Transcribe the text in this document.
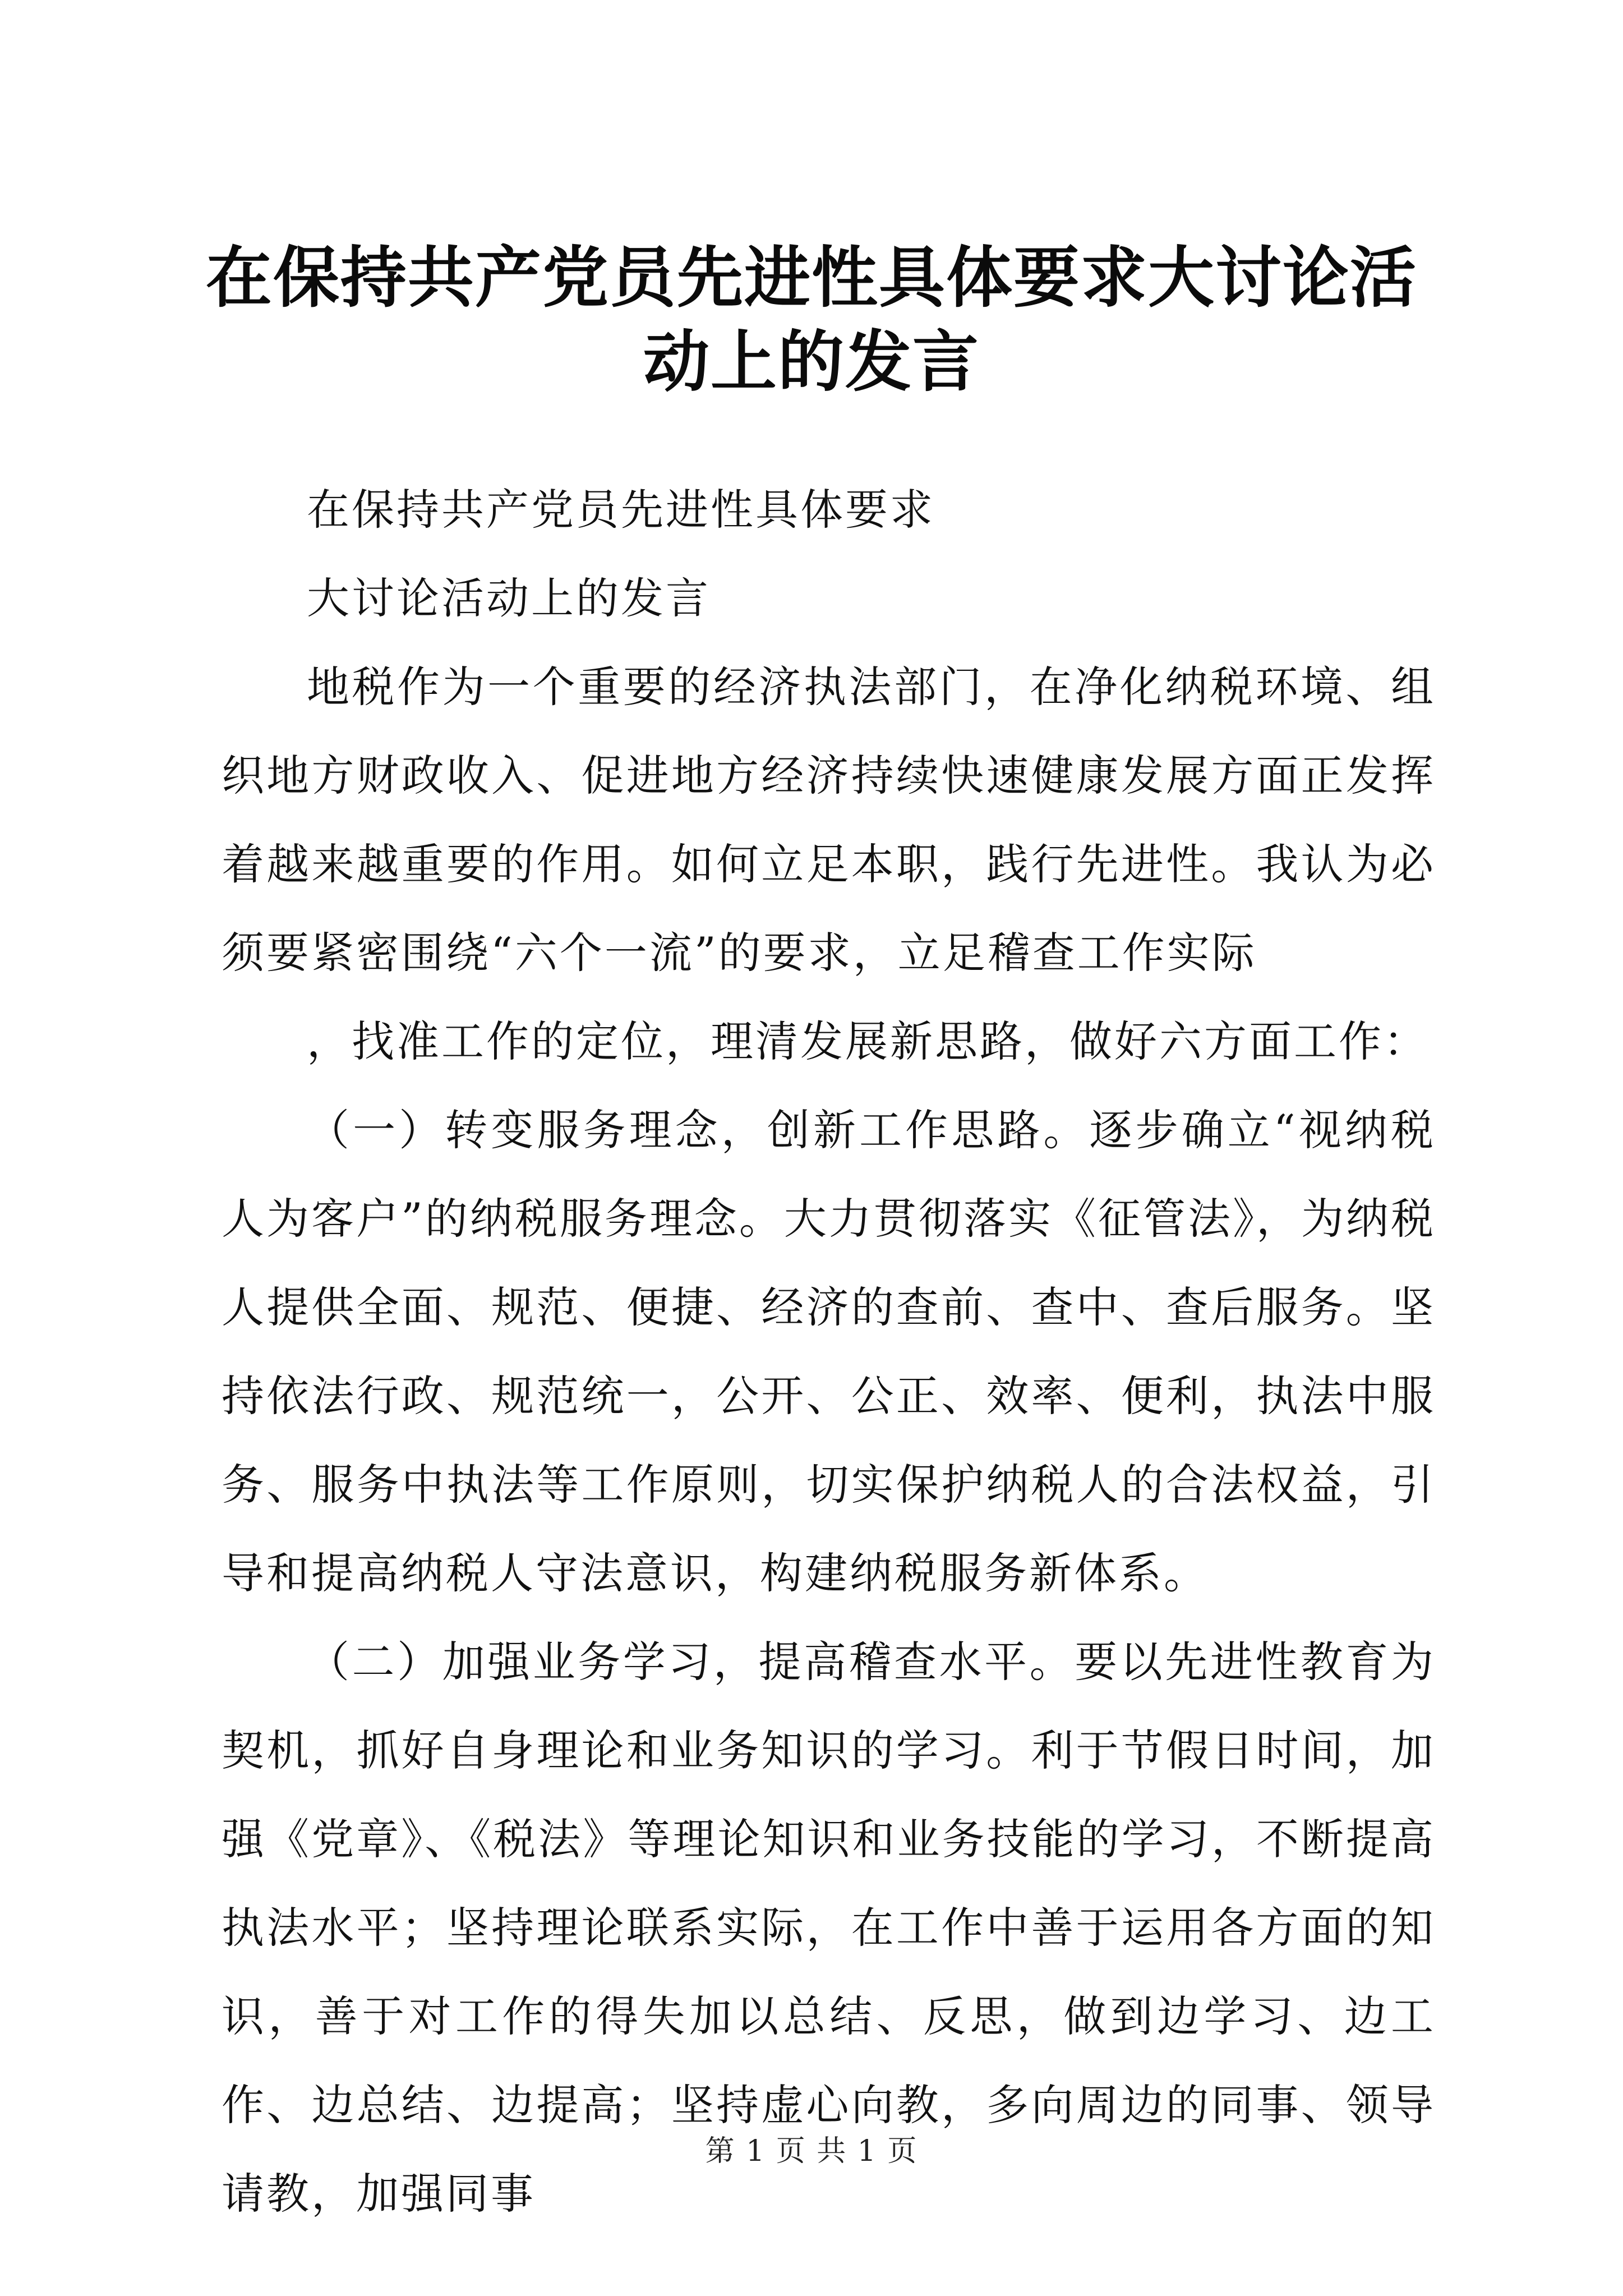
在保持共产党员先进性具体要求大讨论活动上的发言

在保持共产党员先进性具体要求

大讨论活动上的发言

地税作为一个重要的经济执法部门，在净化纳税环境、组织地方财政收入、促进地方经济持续快速健康发展方面正发挥着越来越重要的作用。如何立足本职，践行先进性。我认为必须要紧密围绕“六个一流”的要求，立足稽查工作实际

，找准工作的定位，理清发展新思路，做好六方面工作：

（一）转变服务理念，创新工作思路。逐步确立“视纳税人为客户”的纳税服务理念。大力贯彻落实《征管法》，为纳税人提供全面、规范、便捷、经济的查前、查中、查后服务。坚持依法行政、规范统一，公开、公正、效率、便利，执法中服务、服务中执法等工作原则，切实保护纳税人的合法权益，引导和提高纳税人守法意识，构建纳税服务新体系。

（二）加强业务学习，提高稽查水平。要以先进性教育为契机，抓好自身理论和业务知识的学习。利于节假日时间，加强《党章》、《税法》等理论知识和业务技能的学习，不断提高执法水平；坚持理论联系实际，在工作中善于运用各方面的知识，善于对工作的得失加以总结、反思，做到边学习、边工作、边总结、边提高；坚持虚心向教，多向周边的同事、领导请教，加强同事

第 1 页 共 1 页
